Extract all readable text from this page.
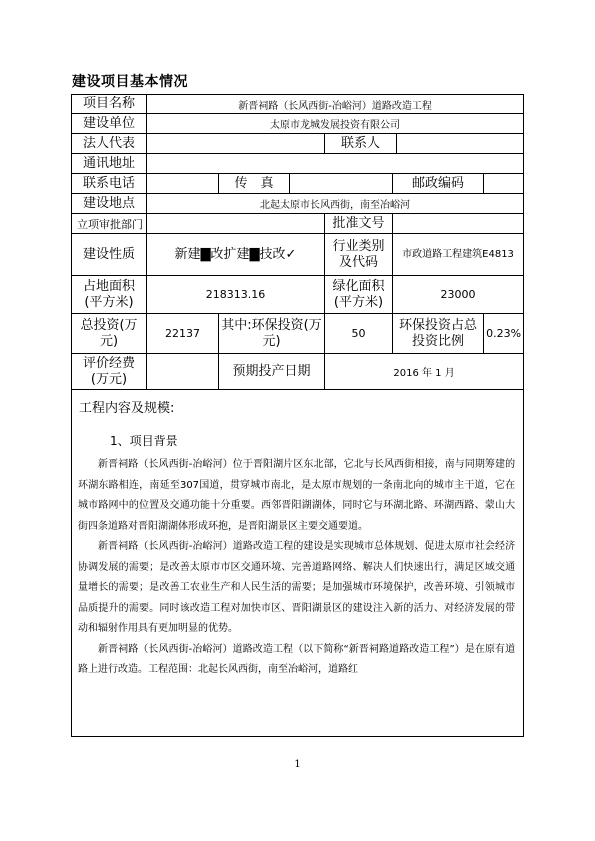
建设项目基本情况
项目名称	新晋祠路（长风西街-冶峪河）道路改造工程						
建设单位	太原市龙城发展投资有限公司						
法人代表				联系人			
通讯地址							
联系电话		传　真			邮政编码		
建设地点	北起太原市长风西街，南至冶峪河						
立项审批部门				批准文号			
建设性质	新建▇改扩建▇技改✓			行业类别及代码	市政道路工程建筑E4813		
占地面积(平方米)	218313.16			绿化面积(平方米)	23000		
总投资(万元)	22137	其中:环保投资(万元)		50	环保投资占总投资比例		0.23%
评价经费(万元)		预期投产日期		2016 年 1 月			

工程内容及规模:
1、项目背景

新晋祠路（长风西街-冶峪河）位于晋阳湖片区东北部，它北与长风西街相接，南与同期筹建的环湖东路相连，南延至307国道，贯穿城市南北，是太原市规划的一条南北向的城市主干道，它在城市路网中的位置及交通功能十分重要。西邻晋阳湖湖体，同时它与环湖北路、环湖西路、蒙山大街四条道路对晋阳湖湖体形成环抱，是晋阳湖景区主要交通要道。

新晋祠路（长风西街-冶峪河）道路改造工程的建设是实现城市总体规划、促进太原市社会经济协调发展的需要；是改善太原市市区交通环境、完善道路网络、解决人们快速出行，满足区域交通量增长的需要；是改善工农业生产和人民生活的需要；是加强城市环境保护，改善环境、引领城市品质提升的需要。同时该改造工程对加快市区、晋阳湖景区的建设注入新的活力、对经济发展的带动和辐射作用具有更加明显的优势。

新晋祠路（长风西街-冶峪河）道路改造工程（以下简称“新晋祠路道路改造工程”）是在原有道路上进行改造。工程范围：北起长风西街，南至冶峪河，道路红							

1
